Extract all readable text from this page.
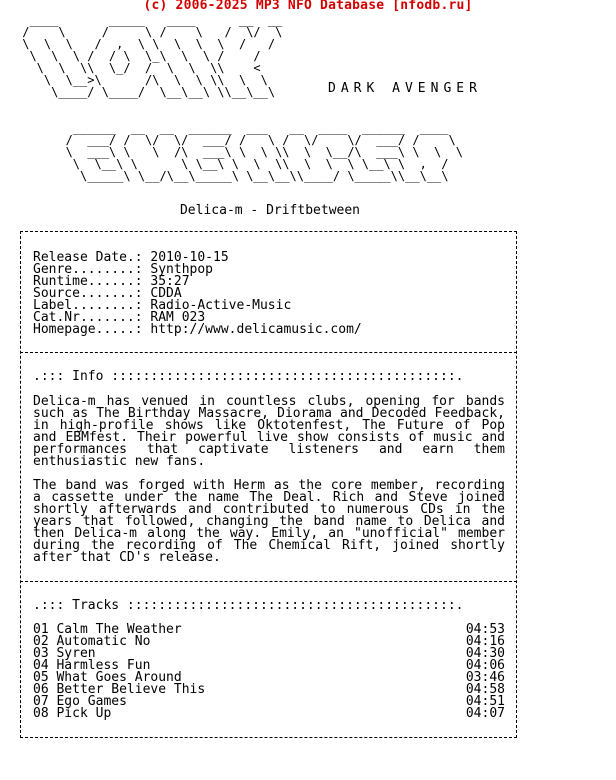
(c) 2006-2025 MP3 NFO Database [nfodb.ru]
____       _____   ____      __  __
/    \     /     \ /    \   /  \/  \
\  \  \   /  ,  \ \  \  \  \  /   /
\  \  \ /  / \  \_\  \  \ /    /
\  \  \\  \_/  /  \  \  \\    <
\  \__>\      /\  \  \ \\  \  \
\____/ \____/  \__\__\ \\__\__\

______  __  __  ______  ___   __  ____  ______  ____
/  ___/ /  \/  \/  ___/ /   \ /  \/    \/  ___/ /    \
\  ___\ \   \  /\  ___\ \  \ \\  \  \__/\  ___\ \  \  \
\  \__\ \      \ \__\ \  \  \\  \  \  \ \__\ \  ,  /
\_____\ \__/\__\_____\ \__\__\\____/ \_____\\__\__\
DARK AVENGER
Delica-m - Driftbetween
Release Date.: 2010-10-15
Genre........: Synthpop
Runtime......: 35:27
Source.......: CDDA
Label........: Radio-Active-Music
Cat.Nr.......: RAM 023
Homepage.....: http://www.delicamusic.com/
.::: Info ::::::::::::::::::::::::::::::::::::::::::::.
Delica-m has venued in countless clubs, opening for bands such as The Birthday Massacre, Diorama and Decoded Feedback, in high-profile shows like Oktotenfest, The Future of Pop and EBMfest. Their powerful live show consists of music and performances that captivate listeners and earn them enthusiastic new fans.
The band was forged with Herm as the core member, recording a cassette under the name The Deal. Rich and Steve joined shortly afterwards and contributed to numerous CDs in the years that followed, changing the band name to Delica and then Delica-m along the way. Emily, an "unofficial" member during the recording of The Chemical Rift, joined shortly after that CD's release.
.::: Tracks ::::::::::::::::::::::::::::::::::::::::::.
01 Calm The Weather	04:53
02 Automatic No	04:16
03 Syren	04:30
04 Harmless Fun	04:06
05 What Goes Around	03:46
06 Better Believe This	04:58
07 Ego Games	04:51
08 Pick Up	04:07
